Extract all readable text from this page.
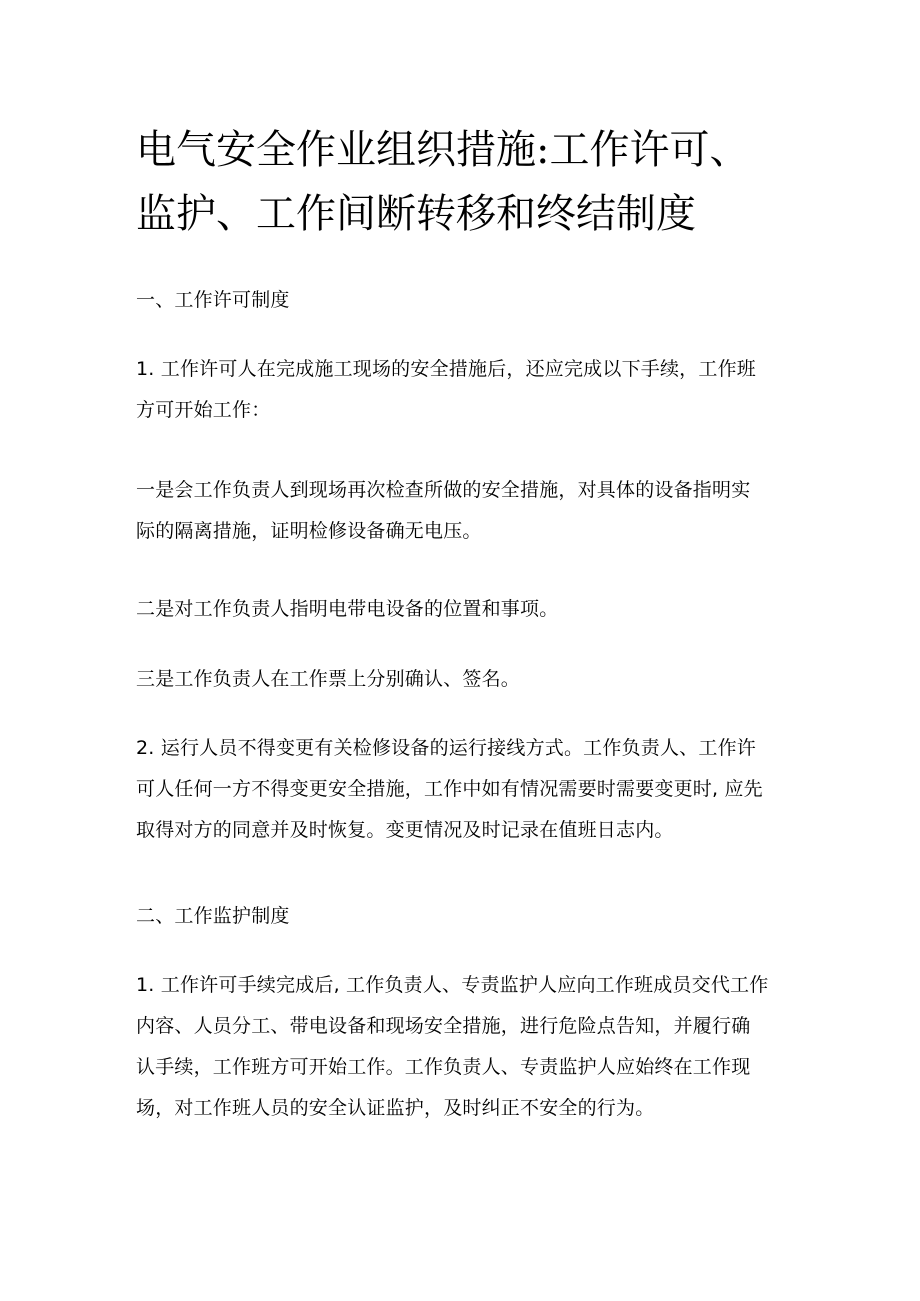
电气安全作业组织措施:工作许可、
监护、工作间断转移和终结制度

一、工作许可制度

1. 工作许可人在完成施工现场的安全措施后，还应完成以下手续，工作班
方可开始工作：

一是会工作负责人到现场再次检查所做的安全措施，对具体的设备指明实
际的隔离措施，证明检修设备确无电压。

二是对工作负责人指明电带电设备的位置和事项。

三是工作负责人在工作票上分别确认、签名。

2. 运行人员不得变更有关检修设备的运行接线方式。工作负责人、工作许
可人任何一方不得变更安全措施，工作中如有情况需要时需要变更时, 应先
取得对方的同意并及时恢复。变更情况及时记录在值班日志内。

二、工作监护制度

1. 工作许可手续完成后, 工作负责人、专责监护人应向工作班成员交代工作
内容、人员分工、带电设备和现场安全措施，进行危险点告知，并履行确
认手续，工作班方可开始工作。工作负责人、专责监护人应始终在工作现
场，对工作班人员的安全认证监护，及时纠正不安全的行为。
